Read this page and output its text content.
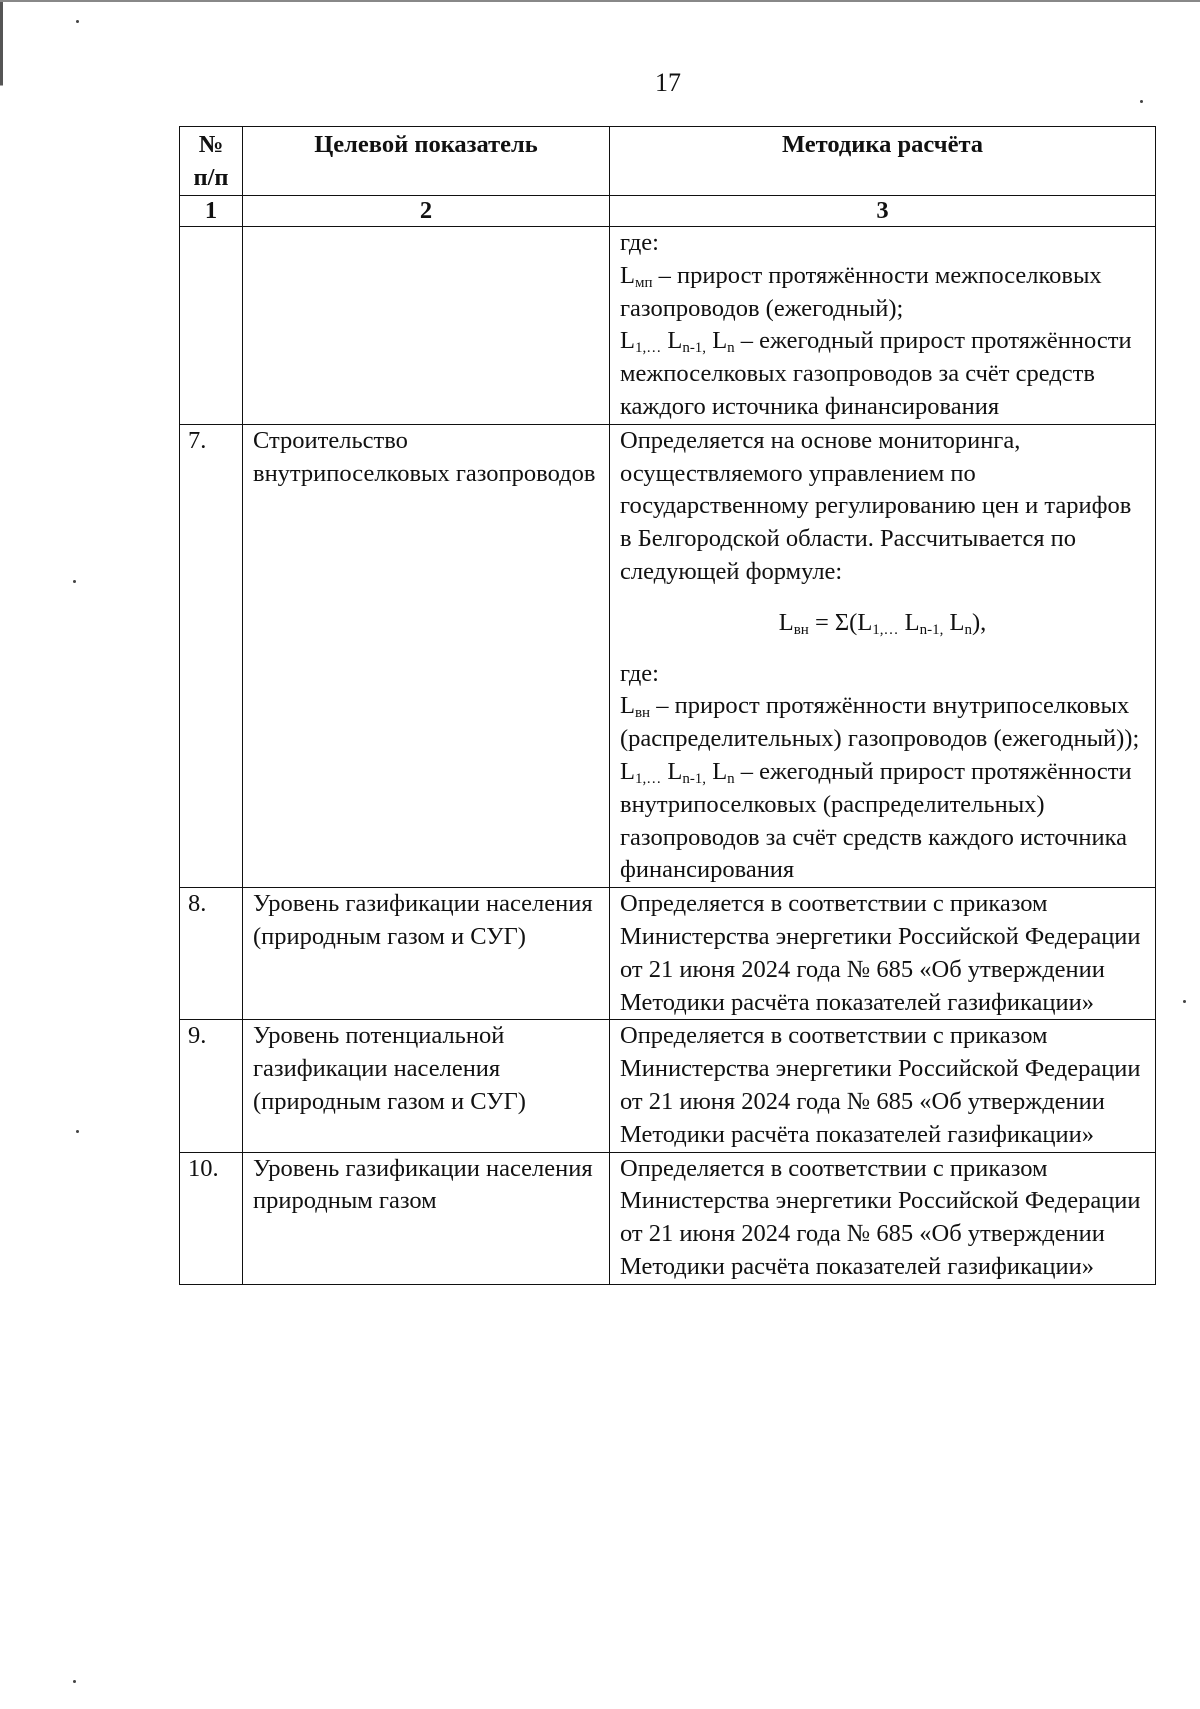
17
№ п/п	Целевой показатель	Методика расчёта
1	2	3

		где:
$L_{мп}$ – прирост протяжённости межпоселковых газопроводов (ежегодный);
$L_{1,\dots}$ $L_{n-1,}$ $L_n$ – ежегодный прирост протяжённости межпоселковых газопроводов за счёт средств каждого источника финансирования

7.	Строительство внутрипоселковых газопроводов	Определяется на основе мониторинга, осуществляемого управлением по государственному регулированию цен и тарифов в Белгородской области. Рассчитывается по следующей формуле:
$L_{вн} = \Sigma(L_{1,\dots}$ $L_{n-1,}$ $L_n$),
где:
$L_{вн}$ – прирост протяжённости внутрипоселковых (распределительных) газопроводов (ежегодный));
$L_{1,\dots}$ $L_{n-1,}$ $L_n$ – ежегодный прирост протяжённости внутрипоселковых (распределительных) газопроводов за счёт средств каждого источника финансирования

8.	Уровень газификации населения (природным газом и СУГ)	Определяется в соответствии с приказом Министерства энергетики Российской Федерации от 21 июня 2024 года № 685 «Об утверждении Методики расчёта показателей газификации»
9.	Уровень потенциальной газификации населения (природным газом и СУГ)	Определяется в соответствии с приказом Министерства энергетики Российской Федерации от 21 июня 2024 года № 685 «Об утверждении Методики расчёта показателей газификации»
10.	Уровень газификации населения природным газом	Определяется в соответствии с приказом Министерства энергетики Российской Федерации от 21 июня 2024 года № 685 «Об утверждении Методики расчёта показателей газификации»
